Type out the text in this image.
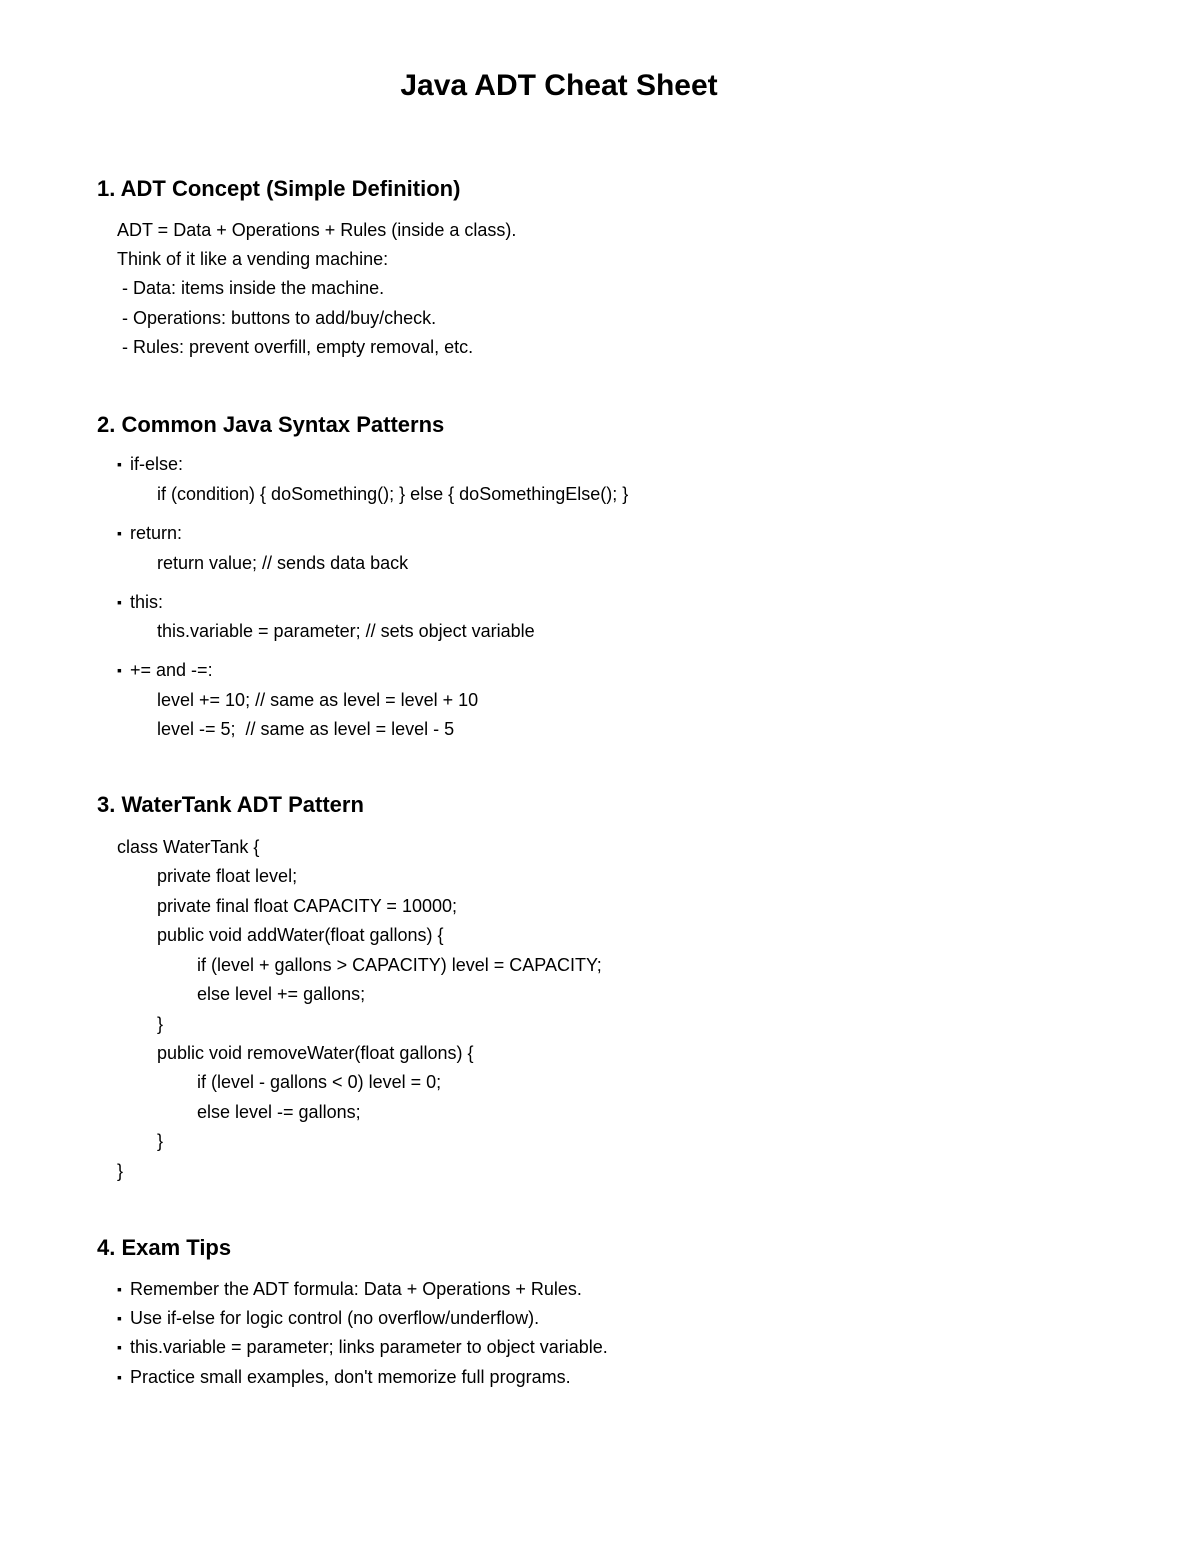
Java ADT Cheat Sheet
1. ADT Concept (Simple Definition)
ADT = Data + Operations + Rules (inside a class).
Think of it like a vending machine:
- Data: items inside the machine.
- Operations: buttons to add/buy/check.
- Rules: prevent overfill, empty removal, etc.
2. Common Java Syntax Patterns
▪ if-else:
if (condition) { doSomething(); } else { doSomethingElse(); }
▪ return:
return value; // sends data back
▪ this:
this.variable = parameter; // sets object variable
▪ += and -=:
level += 10; // same as level = level + 10
level -= 5;  // same as level = level - 5
3. WaterTank ADT Pattern
class WaterTank {
private float level;
private final float CAPACITY = 10000;
public void addWater(float gallons) {
if (level + gallons > CAPACITY) level = CAPACITY;
else level += gallons;
}
public void removeWater(float gallons) {
if (level - gallons < 0) level = 0;
else level -= gallons;
}
}
4. Exam Tips
▪ Remember the ADT formula: Data + Operations + Rules.
▪ Use if-else for logic control (no overflow/underflow).
▪ this.variable = parameter; links parameter to object variable.
▪ Practice small examples, don't memorize full programs.
